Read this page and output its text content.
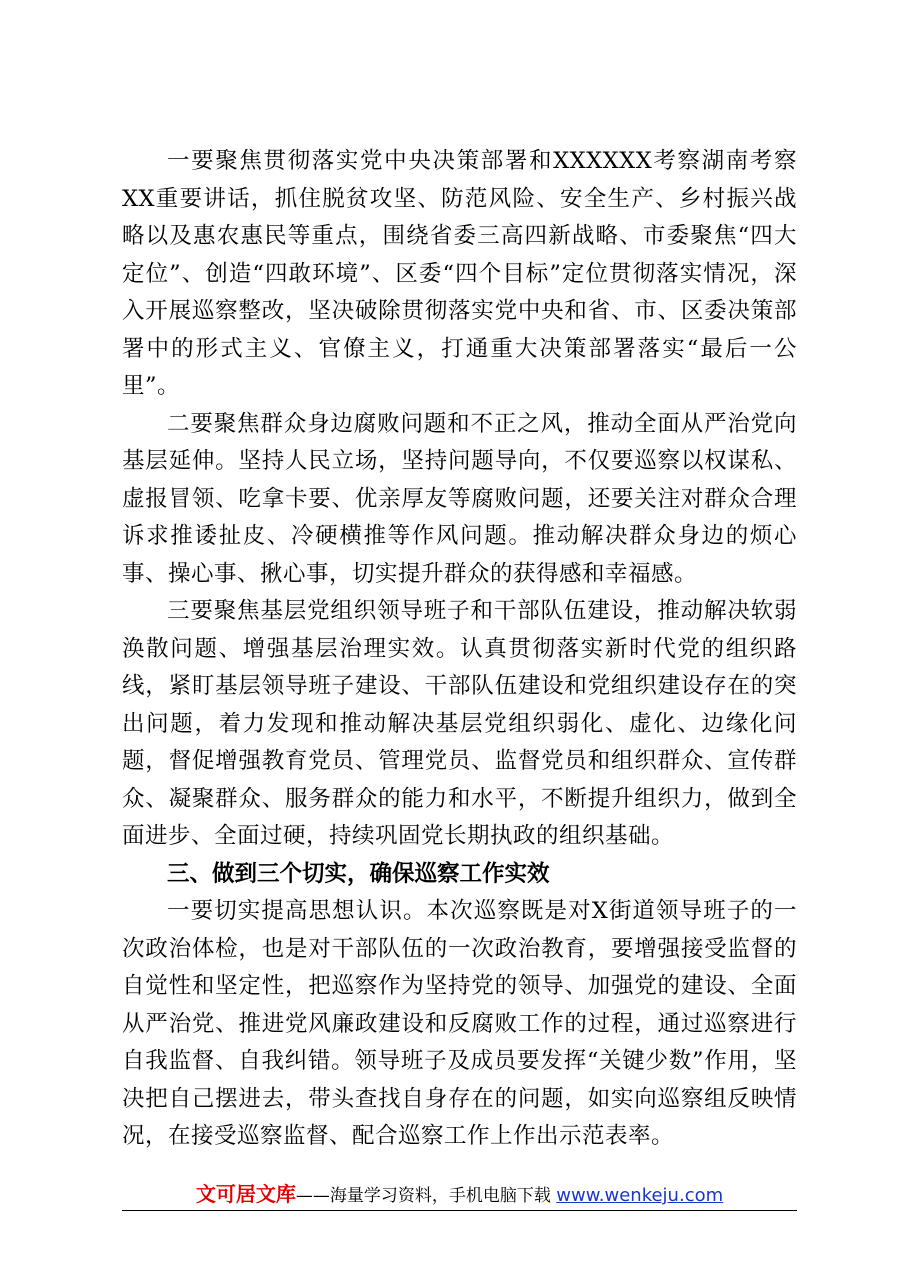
一要聚焦贯彻落实党中央决策部署和XXXXXX考察湖南考察XX重要讲话，抓住脱贫攻坚、防范风险、安全生产、乡村振兴战略以及惠农惠民等重点，围绕省委三高四新战略、市委聚焦“四大定位”、创造“四敢环境”、区委“四个目标”定位贯彻落实情况，深入开展巡察整改，坚决破除贯彻落实党中央和省、市、区委决策部署中的形式主义、官僚主义，打通重大决策部署落实“最后一公里”。

二要聚焦群众身边腐败问题和不正之风，推动全面从严治党向基层延伸。坚持人民立场，坚持问题导向，不仅要巡察以权谋私、虚报冒领、吃拿卡要、优亲厚友等腐败问题，还要关注对群众合理诉求推诿扯皮、冷硬横推等作风问题。推动解决群众身边的烦心事、操心事、揪心事，切实提升群众的获得感和幸福感。

三要聚焦基层党组织领导班子和干部队伍建设，推动解决软弱涣散问题、增强基层治理实效。认真贯彻落实新时代党的组织路线，紧盯基层领导班子建设、干部队伍建设和党组织建设存在的突出问题，着力发现和推动解决基层党组织弱化、虚化、边缘化问题，督促增强教育党员、管理党员、监督党员和组织群众、宣传群众、凝聚群众、服务群众的能力和水平，不断提升组织力，做到全面进步、全面过硬，持续巩固党长期执政的组织基础。

三、做到三个切实，确保巡察工作实效

一要切实提高思想认识。本次巡察既是对X街道领导班子的一次政治体检，也是对干部队伍的一次政治教育，要增强接受监督的自觉性和坚定性，把巡察作为坚持党的领导、加强党的建设、全面从严治党、推进党风廉政建设和反腐败工作的过程，通过巡察进行自我监督、自我纠错。领导班子及成员要发挥“关键少数”作用，坚决把自己摆进去，带头查找自身存在的问题，如实向巡察组反映情况，在接受巡察监督、配合巡察工作上作出示范表率。

文可居文库——海量学习资料，手机电脑下载 www.wenkeju.com
